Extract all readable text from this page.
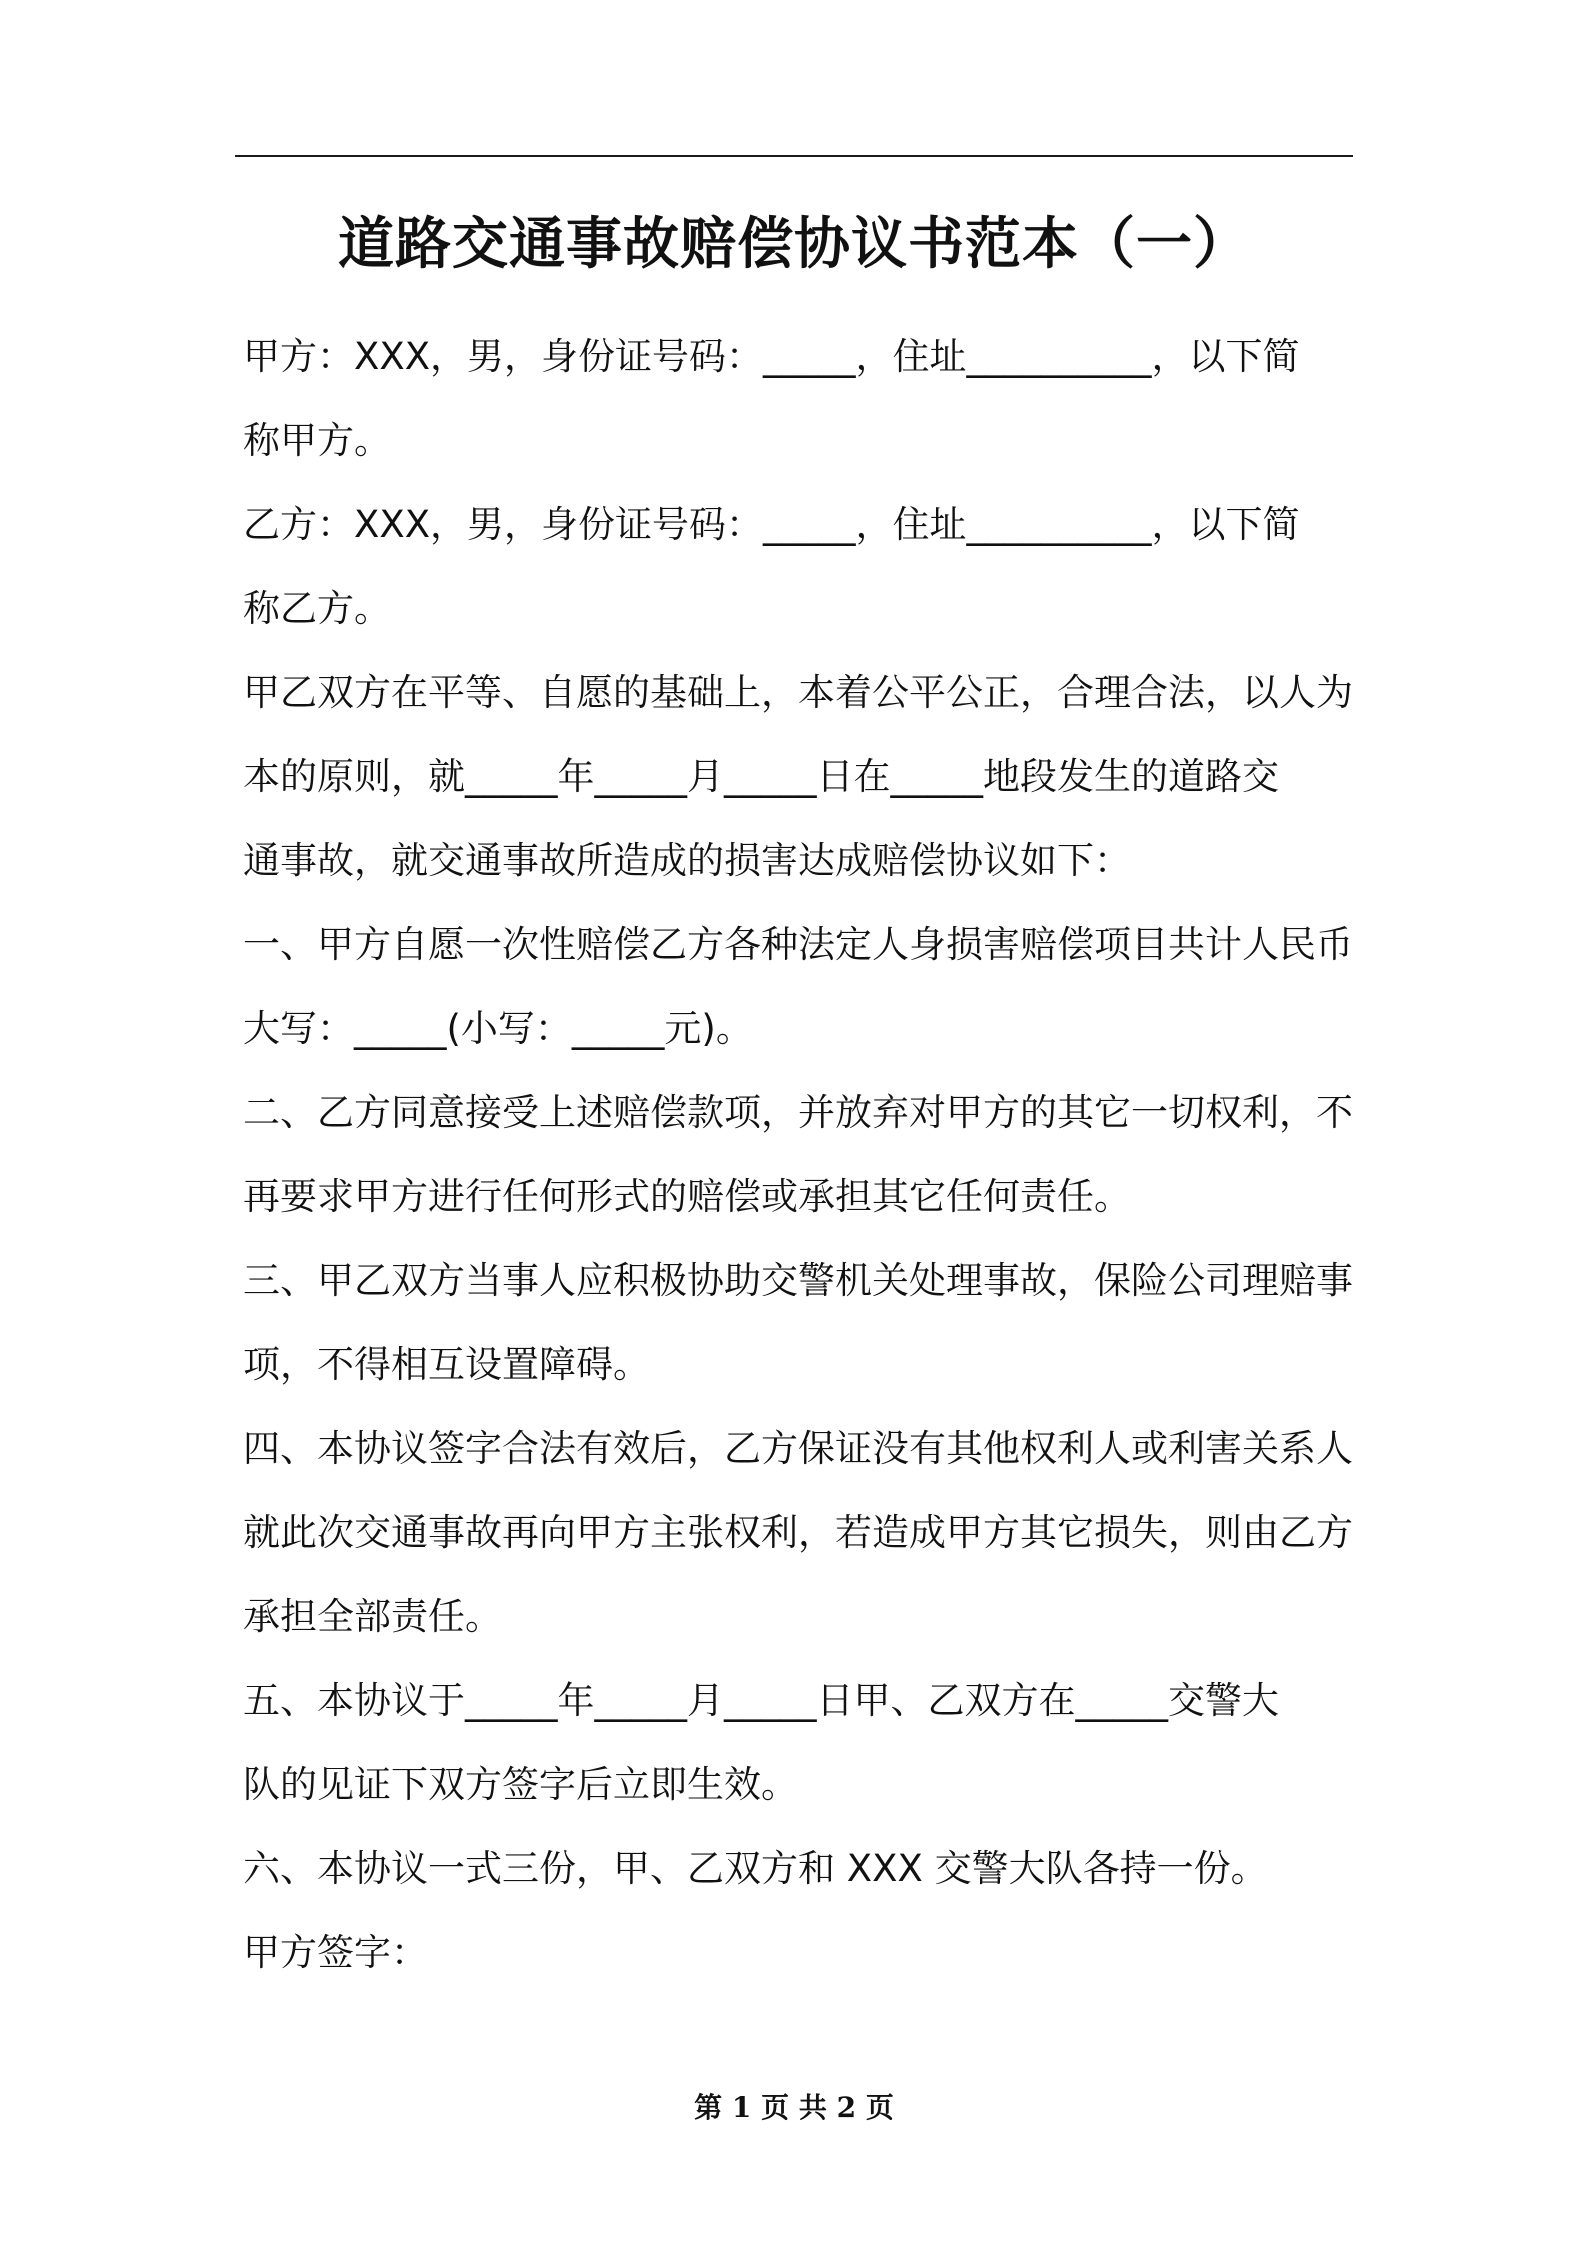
道路交通事故赔偿协议书范本（一）
甲方：XXX，男，身份证号码：_____，住址__________，以下简
称甲方。
乙方：XXX，男，身份证号码：_____，住址__________，以下简
称乙方。
甲乙双方在平等、自愿的基础上，本着公平公正，合理合法，以人为
本的原则，就_____年_____月_____日在_____地段发生的道路交
通事故，就交通事故所造成的损害达成赔偿协议如下：
一、甲方自愿一次性赔偿乙方各种法定人身损害赔偿项目共计人民币
大写：_____(小写：_____元)。
二、乙方同意接受上述赔偿款项，并放弃对甲方的其它一切权利，不
再要求甲方进行任何形式的赔偿或承担其它任何责任。
三、甲乙双方当事人应积极协助交警机关处理事故，保险公司理赔事
项，不得相互设置障碍。
四、本协议签字合法有效后，乙方保证没有其他权利人或利害关系人
就此次交通事故再向甲方主张权利，若造成甲方其它损失，则由乙方
承担全部责任。
五、本协议于_____年_____月_____日甲、乙双方在_____交警大
队的见证下双方签字后立即生效。
六、本协议一式三份，甲、乙双方和 XXX 交警大队各持一份。
甲方签字：
第 1 页 共 2 页
